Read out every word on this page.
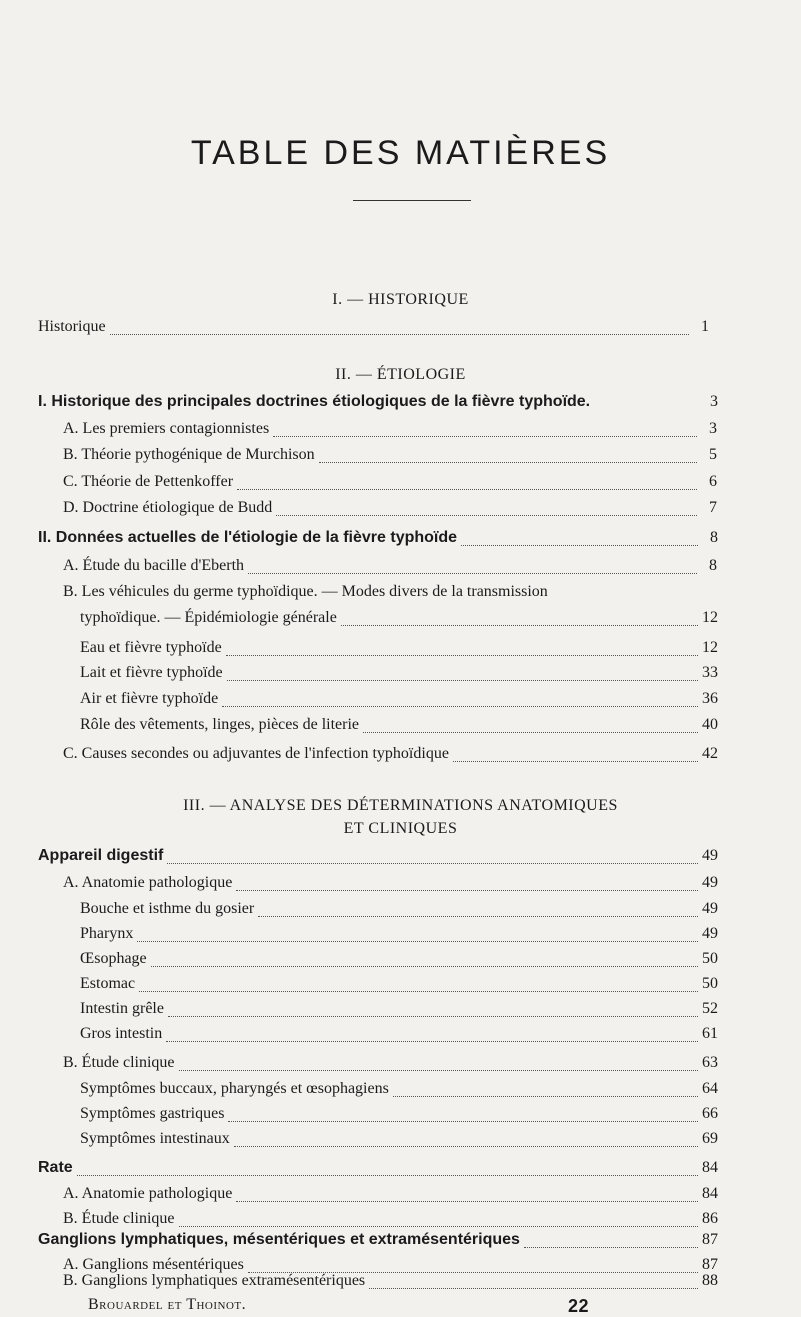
TABLE DES MATIÈRES
I. — HISTORIQUE
Historique	1
II. — ÉTIOLOGIE
I. Historique des principales doctrines étiologiques de la fièvre typhoïde.	3
A. Les premiers contagionnistes	3
B. Théorie pythogénique de Murchison	5
C. Théorie de Pettenkoffer	6
D. Doctrine étiologique de Budd	7
II. Données actuelles de l'étiologie de la fièvre typhoïde	8
A. Étude du bacille d'Eberth	8
B. Les véhicules du germe typhoïdique. — Modes divers de la transmission
typhoïdique. — Épidémiologie générale	12
Eau et fièvre typhoïde	12
Lait et fièvre typhoïde	33
Air et fièvre typhoïde	36
Rôle des vêtements, linges, pièces de literie	40
C. Causes secondes ou adjuvantes de l'infection typhoïdique	42
III. — ANALYSE DES DÉTERMINATIONS ANATOMIQUES
ET CLINIQUES
Appareil digestif	49
A. Anatomie pathologique	49
Bouche et isthme du gosier	49
Pharynx	49
Œsophage	50
Estomac	50
Intestin grêle	52
Gros intestin	61
B. Étude clinique	63
Symptômes buccaux, pharyngés et œsophagiens	64
Symptômes gastriques	66
Symptômes intestinaux	69
Rate	84
A. Anatomie pathologique	84
B. Étude clinique	86
Ganglions lymphatiques, mésentériques et extramésentériques	87
A. Ganglions mésentériques	87
Brouardel et Thoinot.	22
B. Ganglions lymphatiques extramésentériques	88
